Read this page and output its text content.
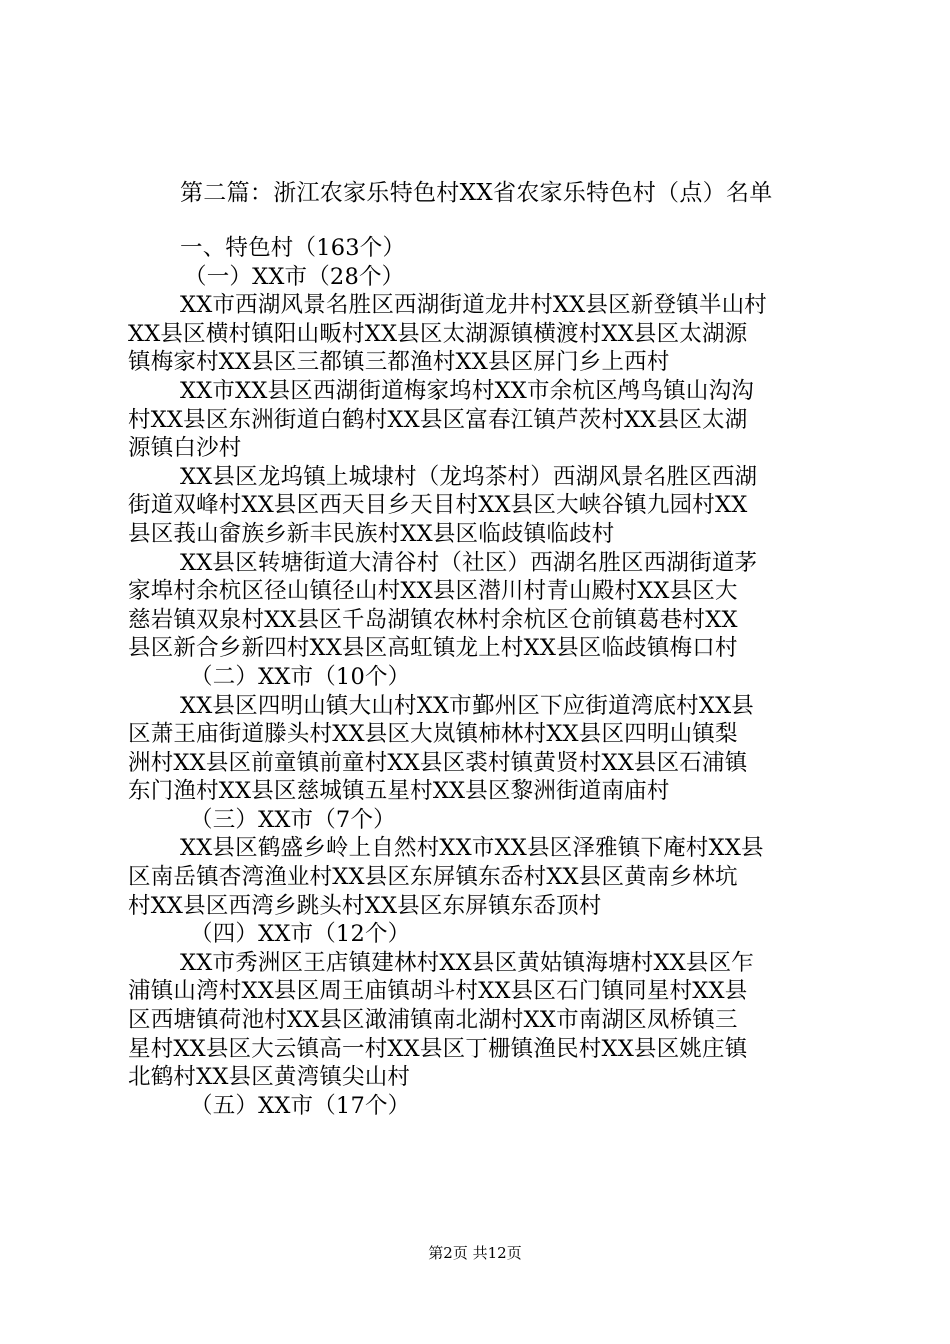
第二篇：浙江农家乐特色村XX省农家乐特色村（点）名单

一、特色村（163个）

（一）XX市（28个）

XX市西湖风景名胜区西湖街道龙井村XX县区新登镇半山村

XX县区横村镇阳山畈村XX县区太湖源镇横渡村XX县区太湖源

镇梅家村XX县区三都镇三都渔村XX县区屏门乡上西村

XX市XX县区西湖街道梅家坞村XX市余杭区鸬鸟镇山沟沟

村XX县区东洲街道白鹤村XX县区富春江镇芦茨村XX县区太湖

源镇白沙村

XX县区龙坞镇上城埭村（龙坞茶村）西湖风景名胜区西湖

街道双峰村XX县区西天目乡天目村XX县区大峡谷镇九园村XX

县区莪山畲族乡新丰民族村XX县区临歧镇临歧村

XX县区转塘街道大清谷村（社区）西湖名胜区西湖街道茅

家埠村余杭区径山镇径山村XX县区潜川村青山殿村XX县区大

慈岩镇双泉村XX县区千岛湖镇农林村余杭区仓前镇葛巷村XX

县区新合乡新四村XX县区高虹镇龙上村XX县区临歧镇梅口村

（二）XX市（10个）

XX县区四明山镇大山村XX市鄞州区下应街道湾底村XX县

区萧王庙街道滕头村XX县区大岚镇柿林村XX县区四明山镇梨

洲村XX县区前童镇前童村XX县区裘村镇黄贤村XX县区石浦镇

东门渔村XX县区慈城镇五星村XX县区黎洲街道南庙村

（三）XX市（7个）

XX县区鹤盛乡岭上自然村XX市XX县区泽雅镇下庵村XX县

区南岳镇杏湾渔业村XX县区东屏镇东岙村XX县区黄南乡林坑

村XX县区西湾乡跳头村XX县区东屏镇东岙顶村

（四）XX市（12个）

XX市秀洲区王店镇建林村XX县区黄姑镇海塘村XX县区乍

浦镇山湾村XX县区周王庙镇胡斗村XX县区石门镇同星村XX县

区西塘镇荷池村XX县区澉浦镇南北湖村XX市南湖区凤桥镇三

星村XX县区大云镇高一村XX县区丁栅镇渔民村XX县区姚庄镇

北鹤村XX县区黄湾镇尖山村

（五）XX市（17个）

第2页 共12页
